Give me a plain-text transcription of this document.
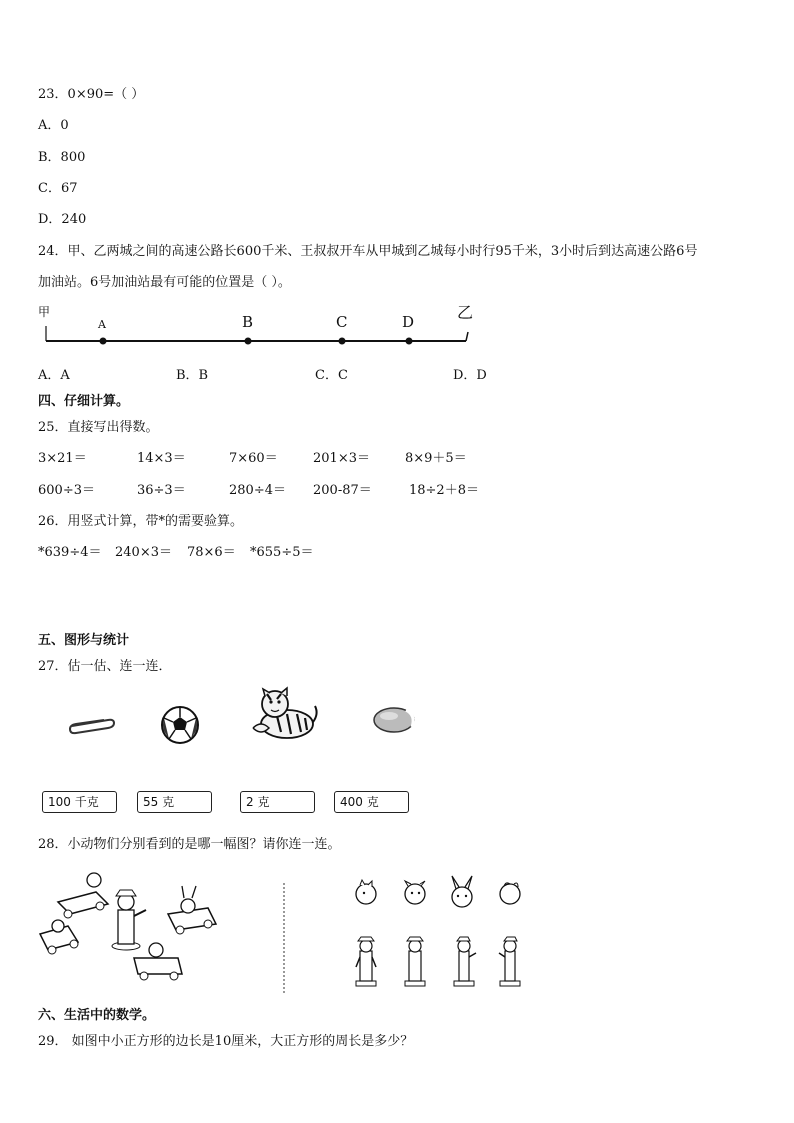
23．0×90=（ ）
A．0
B．800
C．67
D．240
24．甲、乙两城之间的高速公路长600千米、王叔叔开车从甲城到乙城每小时行95千米，3小时后到达高速公路6号
加油站。6号加油站最有可能的位置是（ ）。
甲	乙
A	B	C	D
A．A	B．B	C．C	D．D
四、仔细计算。
25．直接写出得数。
3×21＝	14×3＝	7×60＝	201×3＝	8×9＋5＝
600÷3＝	36÷3＝	280÷4＝ 200-87＝	18÷2＋8＝
26．用竖式计算，带*的需要验算。
*639÷4＝ 240×3＝ 78×6＝ *655÷5＝
五、图形与统计
27．估一估、连一连．
100 千克	55 克	2 克	400 克
28．小动物们分别看到的是哪一幅图？请你连一连。
六、生活中的数学。
29． 如图中小正方形的边长是10厘米，大正方形的周长是多少？
